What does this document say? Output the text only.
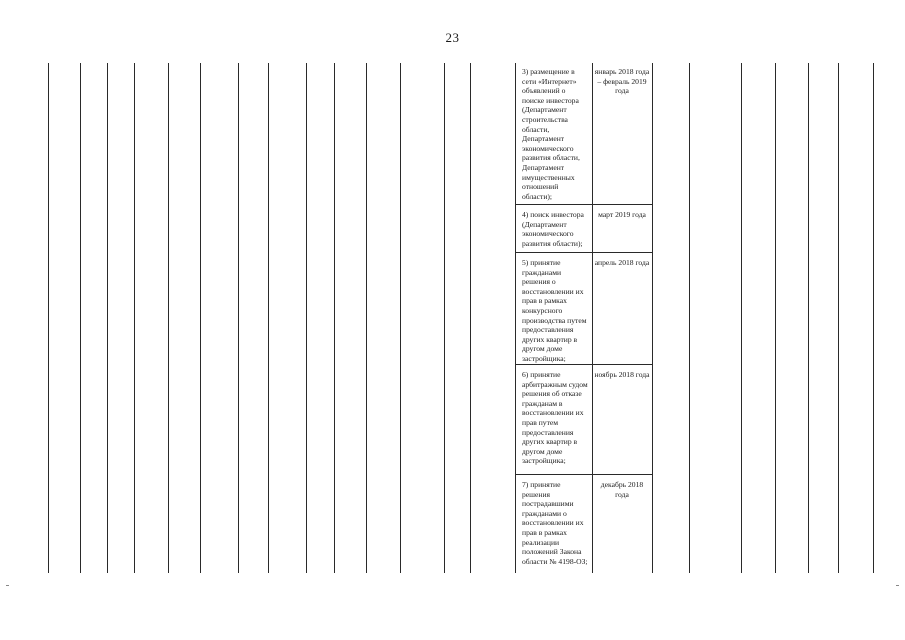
23
3) размещение в сети «Интернет» объявлений о поиске инвестора (Департамент строительства области, Департамент экономического развития области, Департамент имущественных отношений области);
январь 2018 года – февраль 2019 года
4) поиск инвестора (Департамент экономического развития области);
март 2019 года
5) принятие гражданами решения о восстановлении их прав в рамках конкурсного производства путем предоставления других квартир в другом доме застройщика;
апрель 2018 года
6) принятие арбитражным судом решения об отказе гражданам в восстановлении их прав путем предоставления других квартир в другом доме застройщика;
ноябрь 2018 года
7) принятие решения пострадавшими гражданами о восстановлении их прав в рамках реализации положений Закона области № 4198-ОЗ;
декабрь 2018 года
